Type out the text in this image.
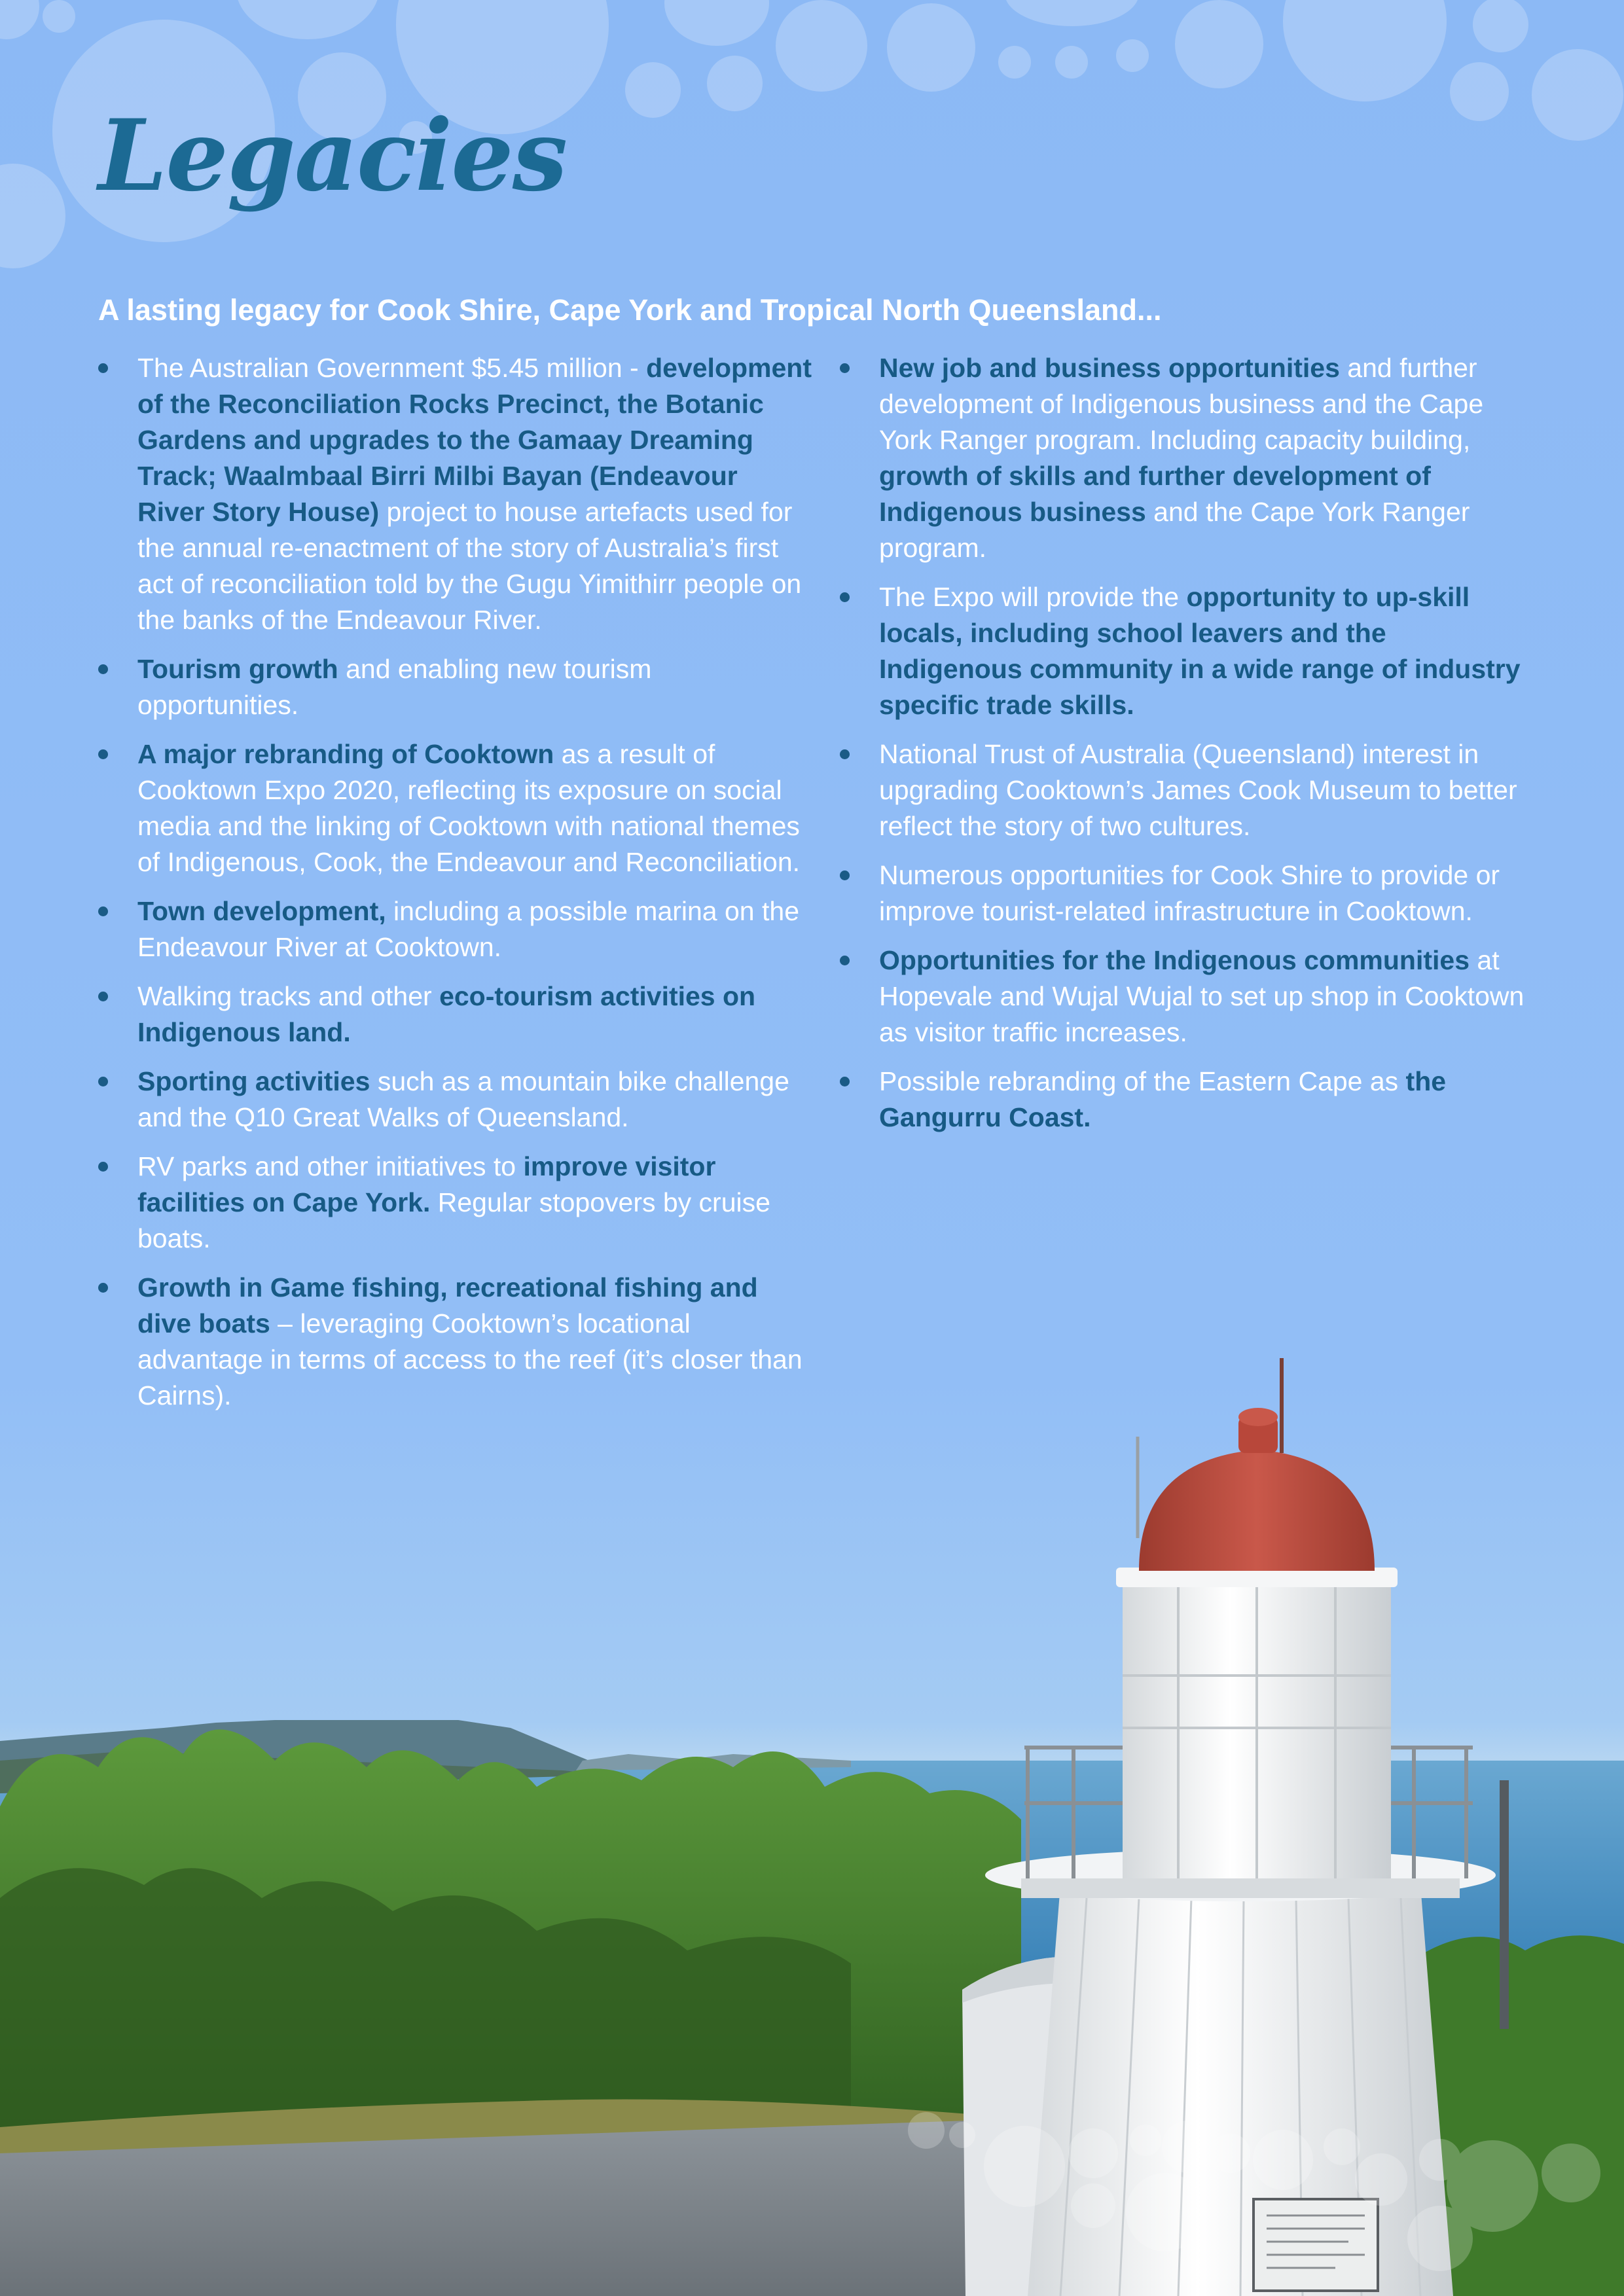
Legacies
A lasting legacy for Cook Shire, Cape York and Tropical North Queensland...
The Australian Government $5.45 million - development of the Reconciliation Rocks Precinct, the Botanic Gardens and upgrades to the Gamaay Dreaming Track; Waalmbaal Birri Milbi Bayan (Endeavour River Story House) project to house artefacts used for the annual re-enactment of the story of Australia’s first act of reconciliation told by the Gugu Yimithirr people on the banks of the Endeavour River.
Tourism growth and enabling new tourism opportunities.
A major rebranding of Cooktown as a result of Cooktown Expo 2020, reflecting its exposure on social media and the linking of Cooktown with national themes of Indigenous, Cook, the Endeavour and Reconciliation.
Town development, including a possible marina on the Endeavour River at Cooktown.
Walking tracks and other eco-tourism activities on Indigenous land.
Sporting activities such as a mountain bike challenge and the Q10 Great Walks of Queensland.
RV parks and other initiatives to improve visitor facilities on Cape York. Regular stopovers by cruise boats.
Growth in Game fishing, recreational fishing and dive boats – leveraging Cooktown’s locational advantage in terms of access to the reef (it’s closer than Cairns).
New job and business opportunities and further development of Indigenous business and the Cape York Ranger program. Including capacity building, growth of skills and further development of Indigenous business and the Cape York Ranger program.
The Expo will provide the opportunity to up-skill locals, including school leavers and the Indigenous community in a wide range of industry specific trade skills.
National Trust of Australia (Queensland) interest in upgrading Cooktown’s James Cook Museum to better reflect the story of two cultures.
Numerous opportunities for Cook Shire to provide or improve tourist-related infrastructure in Cooktown.
Opportunities for the Indigenous communities at Hopevale and Wujal Wujal to set up shop in Cooktown as visitor traffic increases.
Possible rebranding of the Eastern Cape as the Gangurru Coast.
